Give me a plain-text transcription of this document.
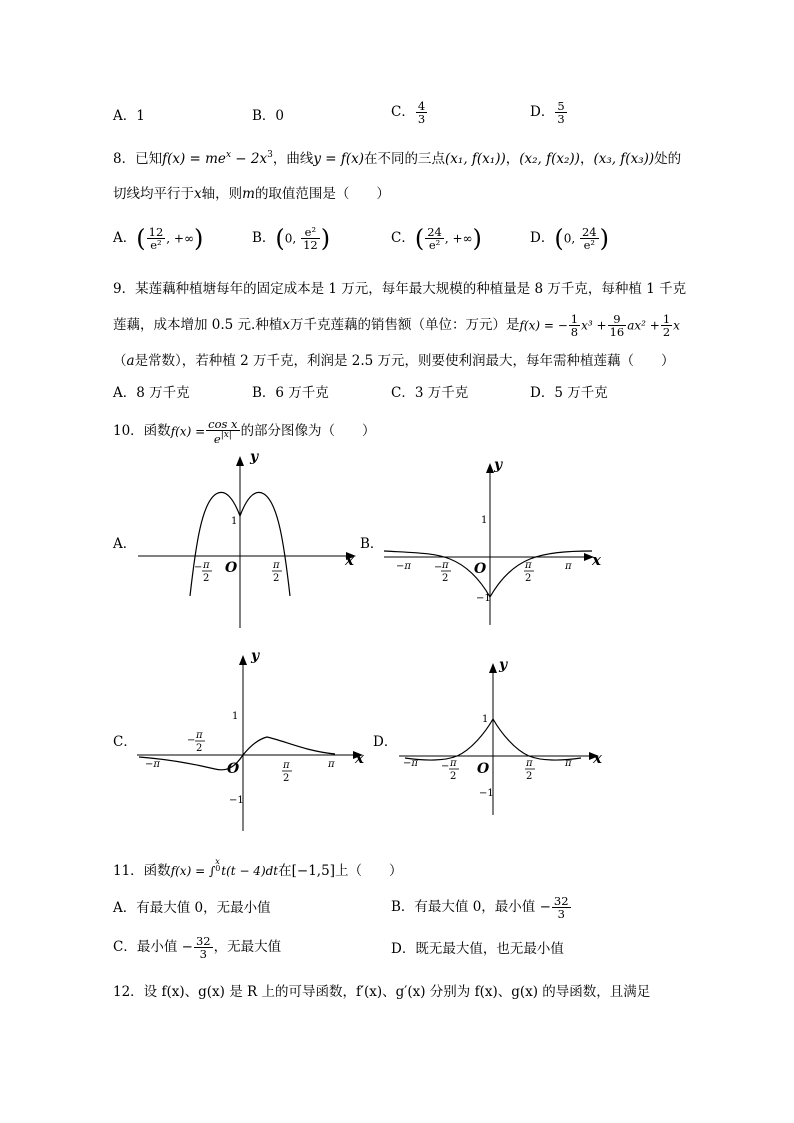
A．1	B．0	C． $\frac{4}{3}$	D． $\frac{5}{3}$
8．已知$f(x) = me^x - 2x^3$，曲线y = f(x)在不同的三点(x₁, f(x₁))，(x₂, f(x₂))，(x₃, f(x₃))处的
切线均平行于x轴，则m的取值范围是（　　）
A．( $\frac{12}{\text{e²}}$ , +∞)	B．(0, $\frac{\text{e²}}{12}$ )	C．( $\frac{24}{\text{e²}}$ , +∞)	D．(0, $\frac{24}{\text{e²}}$ )
9．某莲藕种植塘每年的固定成本是 1 万元，每年最大规模的种植量是 8 万千克，每种植 1 千克
莲藕，成本增加 0.5 元.种植x万千克莲藕的销售额（单位：万元）是f(x) = − $\frac{1}{8} x^3 + \frac{9}{16} ax^2 + \frac{1}{2}$ x
（a是常数），若种植 2 万千克，利润是 2.5 万元，则要使利润最大，每年需种植莲藕（　　）
A．8 万千克	B．6 万千克	C．3 万千克	D．5 万千克
10．函数$f(x) = \frac{\text{cos x}}{e^{|x|}}$ 的部分图像为（　　）
A．	B．
C．	D．
y
x
O
1
− π
2
π
2
y
x
O
1
−1
−π	π
− π
2
π
2
y
x
O
1
−1
−π	π
− π
2
π
2
y
x
O
1
−1
−π	π
− π
2
π
2
11．函数f(x) = ∫
x
0 t(t − 4)dt在[−1,5]上（　　）
A．有最大值 0，无最小值	B．有最大值 0，最小值 − $\frac{32}{3}$
C．最小值 − $\frac{32}{3}$ ，无最大值	D．既无最大值，也无最小值
12．设 f(x)、g(x) 是 R 上的可导函数，f′(x)、g′(x) 分别为 f(x)、g(x) 的导函数，且满足
